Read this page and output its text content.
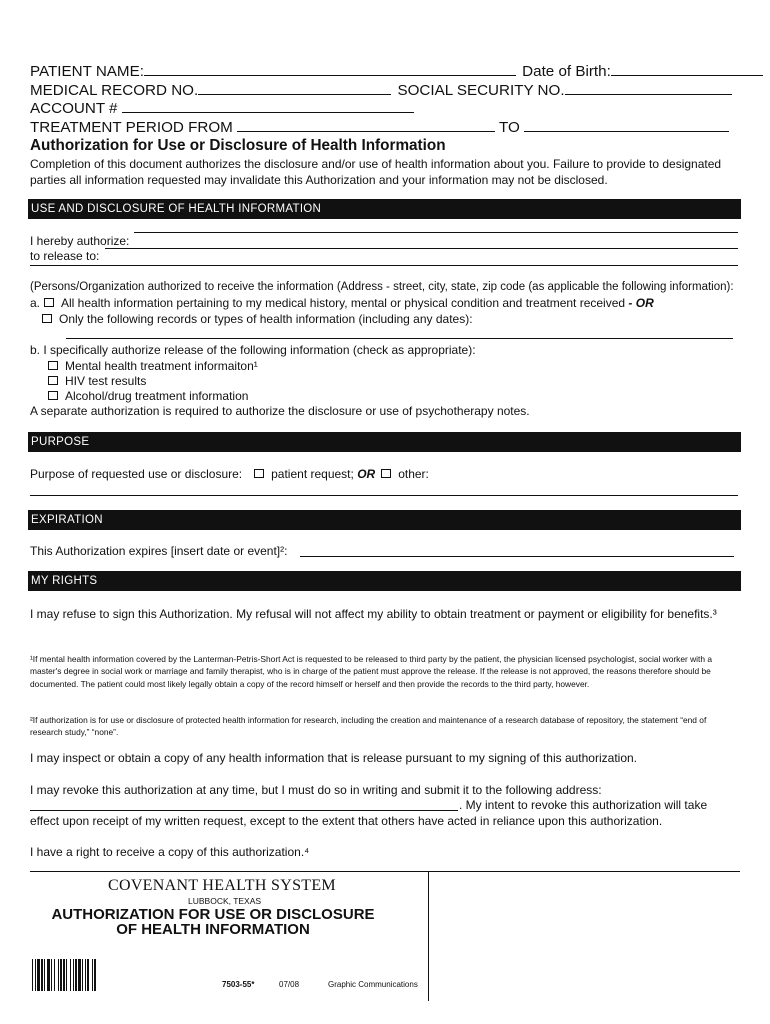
PATIENT NAME:	Date of Birth:
MEDICAL RECORD NO.	SOCIAL SECURITY NO.
ACCOUNT #
TREATMENT PERIOD FROM	TO
Authorization for Use or Disclosure of Health Information
Completion of this document authorizes the disclosure and/or use of health information about you. Failure to provide to designated parties all information requested may invalidate this Authorization and your information may not be disclosed.
USE AND DISCLOSURE OF HEALTH INFORMATION
I hereby authorize:
to release to:
(Persons/Organization authorized to receive the information (Address - street, city, state, zip code (as applicable the following information):
a. All health information pertaining to my medical history, mental or physical condition and treatment received - OR
Only the following records or types of health information (including any dates):
b. I specifically authorize release of the following information (check as appropriate):
Mental health treatment informaiton¹
HIV test results
Alcohol/drug treatment information
A separate authorization is required to authorize the disclosure or use of psychotherapy notes.
PURPOSE
Purpose of requested use or disclosure: patient request; OR other:
EXPIRATION
This Authorization expires [insert date or event]²:
MY RIGHTS
I may refuse to sign this Authorization. My refusal will not affect my ability to obtain treatment or payment or eligibility for benefits.³
¹If mental health information covered by the Lanterman-Petris-Short Act is requested to be released to third party by the patient, the physician licensed psychologist, social worker with a master's degree in social work or marriage and family therapist, who is in charge of the patient must approve the release. If the release is not approved, the reasons therefore should be documented. The patient could most likely legally obtain a copy of the record himself or herself and then provide the records to the third party, however.
²If authorization is for use or disclosure of protected health information for research, including the creation and maintenance of a research database of repository, the statement “end of research study,” “none”.
I may inspect or obtain a copy of any health information that is release pursuant to my signing of this authorization.
I may revoke this authorization at any time, but I must do so in writing and submit it to the following address:
. My intent to revoke this authorization will take
effect upon receipt of my written request, except to the extent that others have acted in reliance upon this authorization.
I have a right to receive a copy of this authorization.⁴
COVENANT HEALTH SYSTEM
LUBBOCK, TEXAS
AUTHORIZATION FOR USE OR DISCLOSURE
OF HEALTH INFORMATION
7503-55*	07/08	Graphic Communications
